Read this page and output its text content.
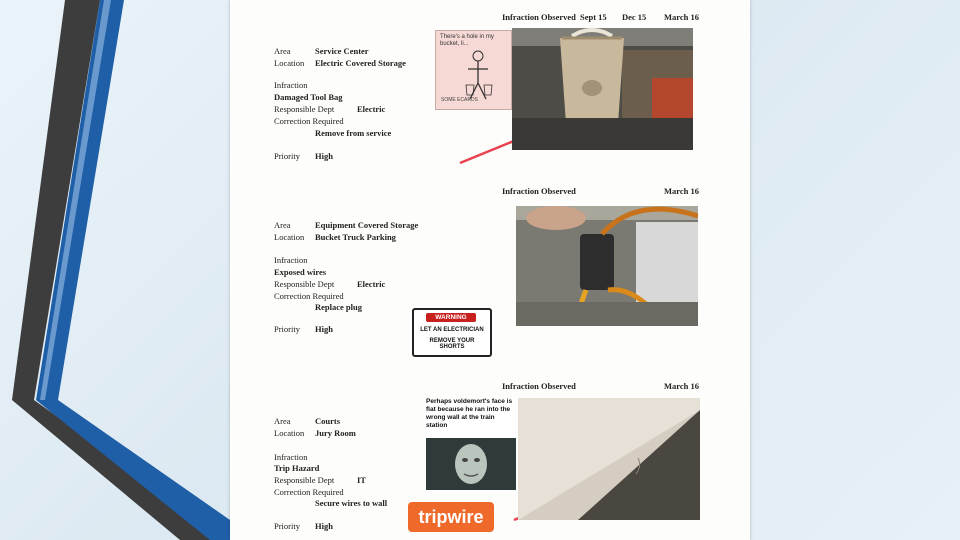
Infraction Observed Sept 15 Dec 15 March 16
Area	Service Center
Location Electric Covered Storage
Infraction
Damaged Tool Bag
Responsible Dept	Electric
Correction Required
Remove from service
Priority High
There's a hole in my bucket, li...
SOME ECARDS
Infraction Observed	March 16
Area	Equipment Covered Storage
Location Bucket Truck Parking
Infraction
Exposed wires
Responsible Dept	Electric
Correction Required
Replace plug
Priority High
WARNING
LET AN ELECTRICIAN
REMOVE YOUR SHORTS
Infraction Observed	March 16
Area	Courts
Location Jury Room
Infraction
Trip Hazard
Responsible Dept	IT
Correction Required
Secure wires to wall
Priority High
Perhaps voldemort's face is flat because he ran into the wrong wall at the train station
tripwire
